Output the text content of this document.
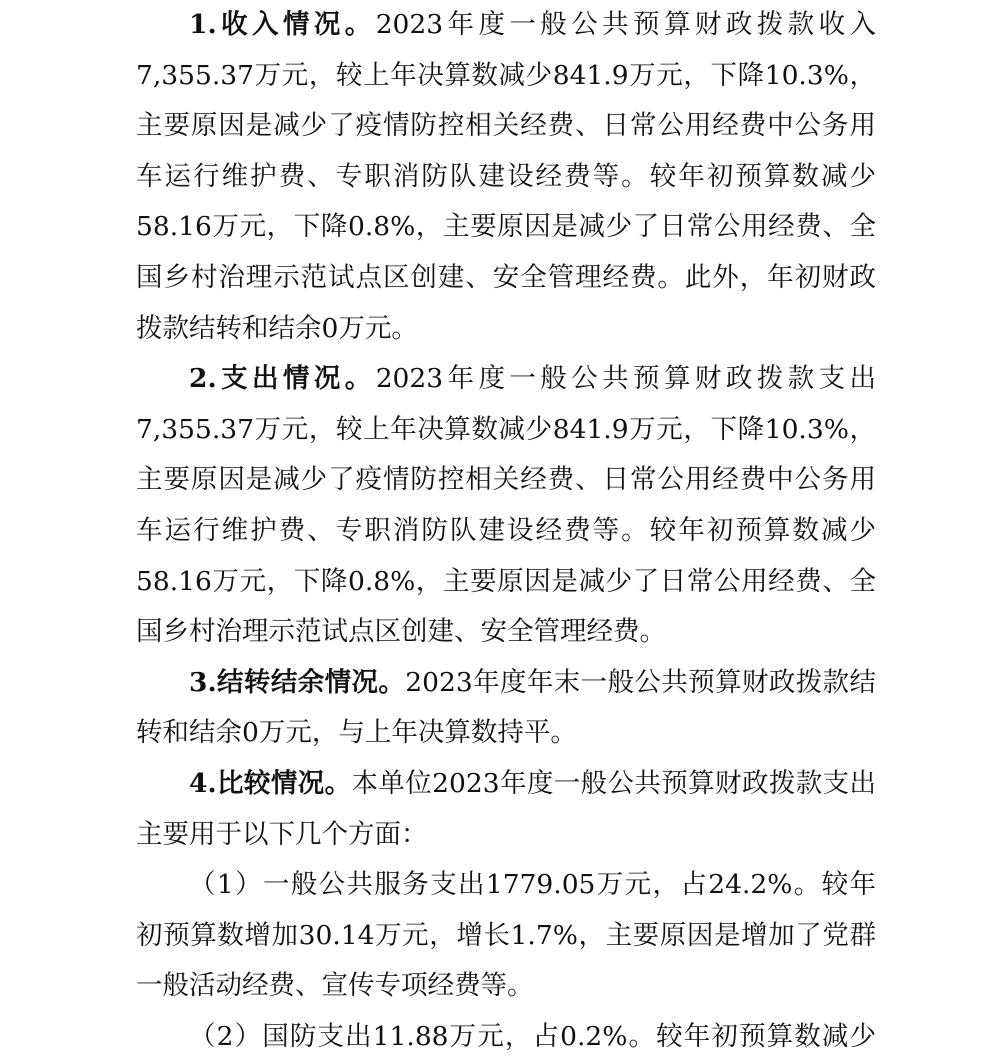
1.收入情况。2023年度一般公共预算财政拨款收入7,355.37万元，较上年决算数减少841.9万元，下降10.3%，主要原因是减少了疫情防控相关经费、日常公用经费中公务用车运行维护费、专职消防队建设经费等。较年初预算数减少58.16万元，下降0.8%，主要原因是减少了日常公用经费、全国乡村治理示范试点区创建、安全管理经费。此外，年初财政拨款结转和结余0万元。

2.支出情况。2023年度一般公共预算财政拨款支出7,355.37万元，较上年决算数减少841.9万元，下降10.3%，主要原因是减少了疫情防控相关经费、日常公用经费中公务用车运行维护费、专职消防队建设经费等。较年初预算数减少58.16万元，下降0.8%，主要原因是减少了日常公用经费、全国乡村治理示范试点区创建、安全管理经费。

3.结转结余情况。2023年度年末一般公共预算财政拨款结转和结余0万元，与上年决算数持平。

4.比较情况。本单位2023年度一般公共预算财政拨款支出主要用于以下几个方面：

（1）一般公共服务支出1779.05万元，占24.2%。较年初预算数增加30.14万元，增长1.7%，主要原因是增加了党群一般活动经费、宣传专项经费等。

（2）国防支出11.88万元，占0.2%。较年初预算数减少
